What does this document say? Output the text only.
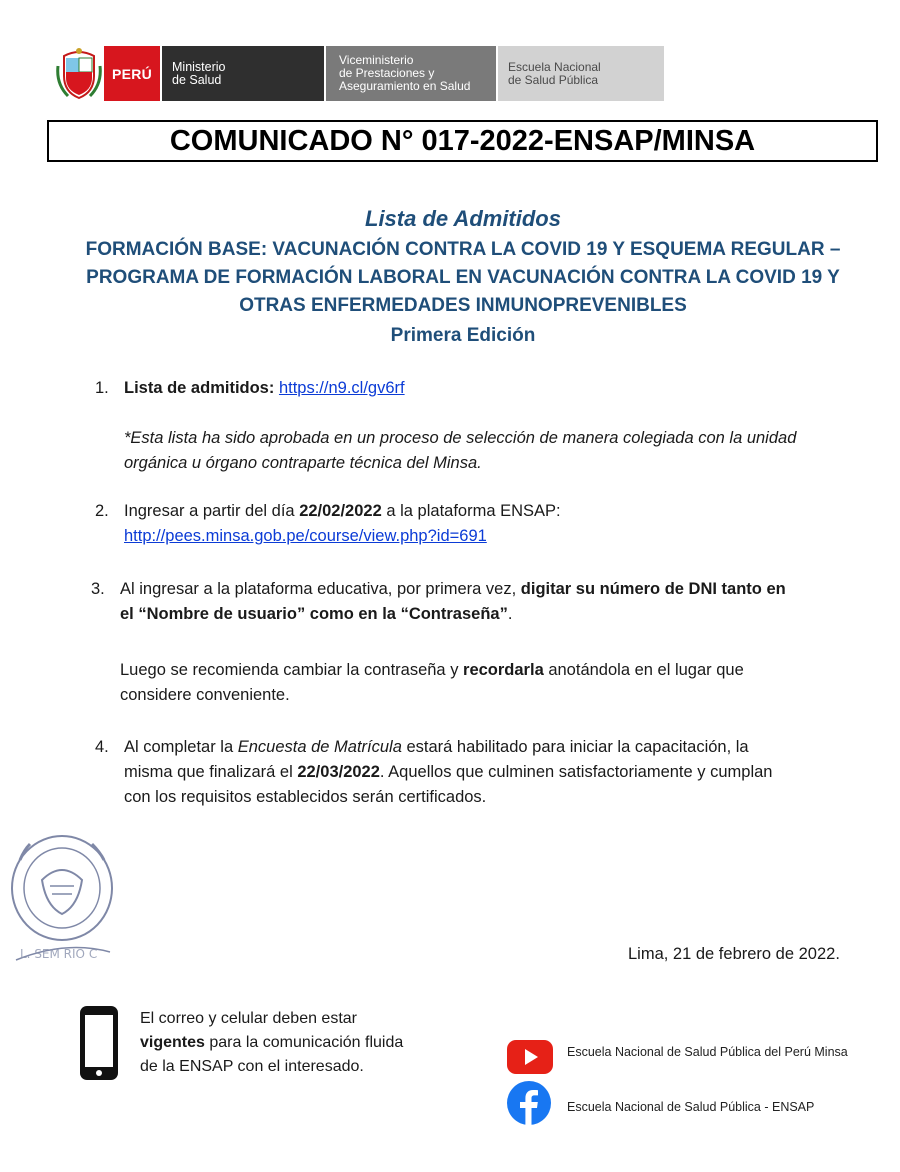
PERÚ Ministerio
de Salud
Viceministerio
de Prestaciones y
Aseguramiento en Salud
Escuela Nacional
de Salud Pública
COMUNICADO N° 017-2022-ENSAP/MINSA
Lista de Admitidos
FORMACIÓN BASE: VACUNACIÓN CONTRA LA COVID 19 Y ESQUEMA REGULAR –
PROGRAMA DE FORMACIÓN LABORAL EN VACUNACIÓN CONTRA LA COVID 19 Y
OTRAS ENFERMEDADES INMUNOPREVENIBLES
Primera Edición
1. Lista de admitidos: https://n9.cl/gv6rf
*Esta lista ha sido aprobada en un proceso de selección de manera colegiada con la unidad
orgánica u órgano contraparte técnica del Minsa.
2. Ingresar a partir del día 22/02/2022 a la plataforma ENSAP:
http://pees.minsa.gob.pe/course/view.php?id=691
3. Al ingresar a la plataforma educativa, por primera vez, digitar su número de DNI tanto en
el “Nombre de usuario” como en la “Contraseña”.
Luego se recomienda cambiar la contraseña y recordarla anotándola en el lugar que
considere conveniente.
4. Al completar la Encuesta de Matrícula estará habilitado para iniciar la capacitación, la
misma que finalizará el 22/03/2022. Aquellos que culminen satisfactoriamente y cumplan
con los requisitos establecidos serán certificados.
L. SEM RIO C	Lima, 21 de febrero de 2022.
El correo y celular deben estar
vigentes para la comunicación fluida
de la ENSAP con el interesado.
Escuela Nacional de Salud Pública del Perú Minsa
Escuela Nacional de Salud Pública - ENSAP
